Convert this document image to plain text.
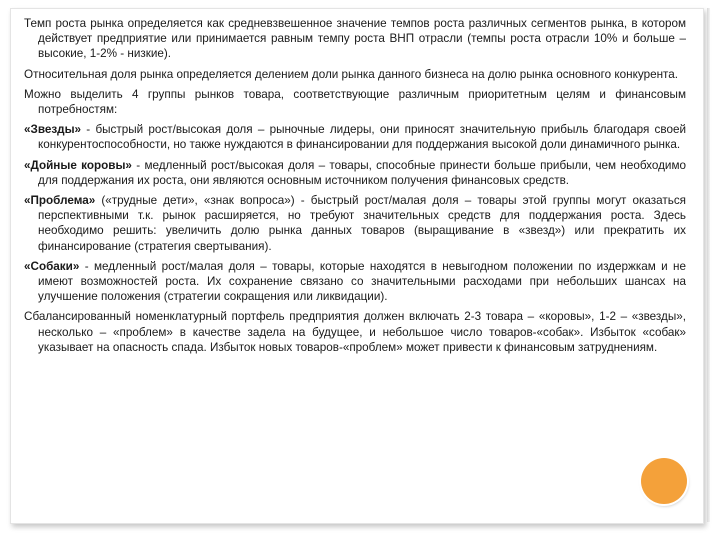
Темп роста рынка определяется как средневзвешенное значение темпов роста различных сегментов рынка, в котором действует предприятие или принимается равным темпу роста ВНП отрасли (темпы роста отрасли 10% и больше – высокие, 1-2% - низкие).

Относительная доля рынка определяется делением доли рынка данного бизнеса на долю рынка основного конкурента.

Можно выделить 4 группы рынков товара, соответствующие различным приоритетным целям и финансовым потребностям:

«Звезды» - быстрый рост/высокая доля – рыночные лидеры, они приносят значительную прибыль благодаря своей конкурентоспособности, но также нуждаются в финансировании для поддержания высокой доли динамичного рынка.

«Дойные коровы» - медленный рост/высокая доля – товары, способные принести больше прибыли, чем необходимо для поддержания их роста, они являются основным источником получения финансовых средств.

«Проблема» («трудные дети», «знак вопроса») - быстрый рост/малая доля – товары этой группы могут оказаться перспективными т.к. рынок расширяется, но требуют значительных средств для поддержания роста. Здесь необходимо решить: увеличить долю рынка данных товаров (выращивание в «звезд») или прекратить их финансирование (стратегия свертывания).

«Собаки» - медленный рост/малая доля – товары, которые находятся в невыгодном положении по издержкам и не имеют возможностей роста. Их сохранение связано со значительными расходами при небольших шансах на улучшение положения (стратегии сокращения или ликвидации).

Сбалансированный номенклатурный портфель предприятия должен включать 2-3 товара – «коровы», 1-2 – «звезды», несколько – «проблем» в качестве задела на будущее, и небольшое число товаров-«собак». Избыток «собак» указывает на опасность спада. Избыток новых товаров-«проблем» может привести к финансовым затруднениям.
